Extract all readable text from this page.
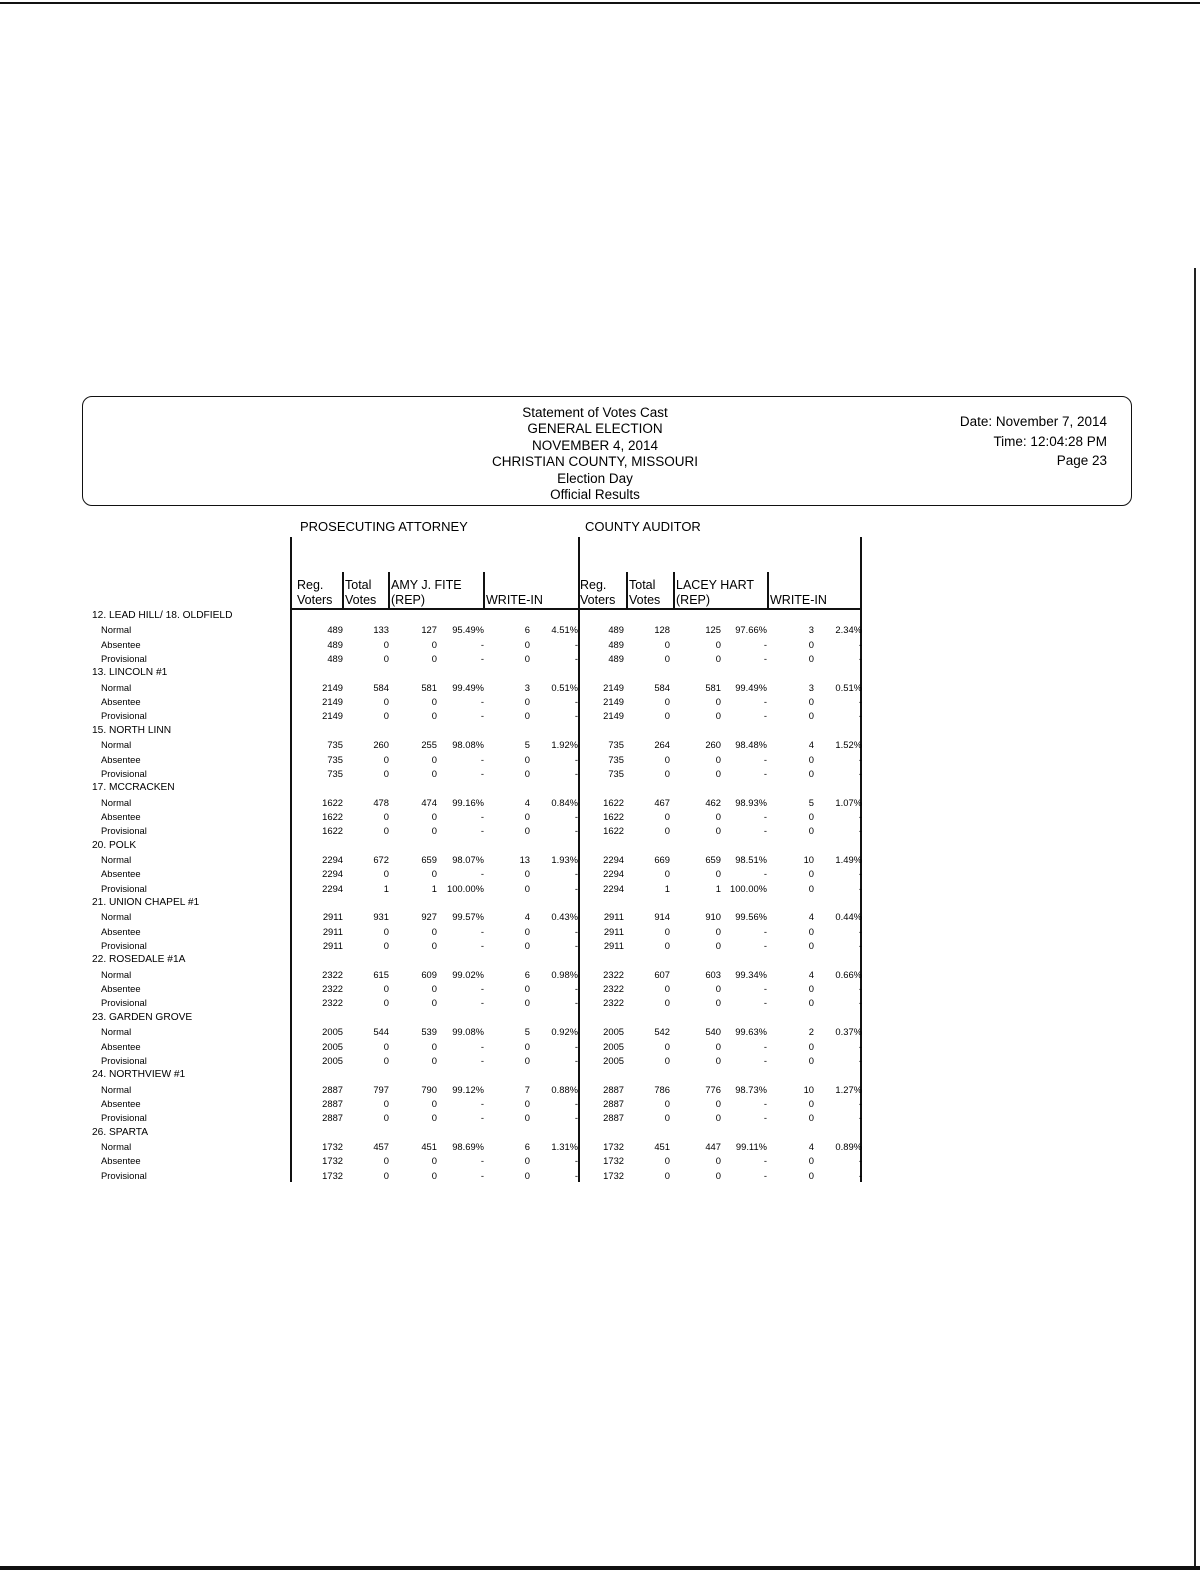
Statement of Votes Cast
GENERAL ELECTION
NOVEMBER 4, 2014
CHRISTIAN COUNTY, MISSOURI
Election Day
Official Results
Date: November 7, 2014
Time: 12:04:28 PM
Page 23
PROSECUTING ATTORNEY	COUNTY AUDITOR
Reg.
Voters
Total
Votes
AMY J. FITE
(REP)	WRITE-IN
Reg.
Voters
Total
Votes
LACEY HART
(REP)	WRITE-IN
12. LEAD HILL/ 18. OLDFIELD
Normal	489	133	127	95.49%	6	4.51%	489	128	125	97.66%	3	2.34%
Absentee	489	0	0	-	0	-	489	0	0	-	0	-
Provisional	489	0	0	-	0	-	489	0	0	-	0	-
13. LINCOLN #1
Normal	2149	584	581	99.49%	3	0.51%	2149	584	581	99.49%	3	0.51%
Absentee	2149	0	0	-	0	-	2149	0	0	-	0	-
Provisional	2149	0	0	-	0	-	2149	0	0	-	0	-
15. NORTH LINN
Normal	735	260	255	98.08%	5	1.92%	735	264	260	98.48%	4	1.52%
Absentee	735	0	0	-	0	-	735	0	0	-	0	-
Provisional	735	0	0	-	0	-	735	0	0	-	0	-
17. MCCRACKEN
Normal	1622	478	474	99.16%	4	0.84%	1622	467	462	98.93%	5	1.07%
Absentee	1622	0	0	-	0	-	1622	0	0	-	0	-
Provisional	1622	0	0	-	0	-	1622	0	0	-	0	-
20. POLK
Normal	2294	672	659	98.07%	13	1.93%	2294	669	659	98.51%	10	1.49%
Absentee	2294	0	0	-	0	-	2294	0	0	-	0	-
Provisional	2294	1	1	100.00%	0	-	2294	1	1 100.00%	0	-
21. UNION CHAPEL #1
Normal	2911	931	927	99.57%	4	0.43%	2911	914	910	99.56%	4	0.44%
Absentee	2911	0	0	-	0	-	2911	0	0	-	0	-
Provisional	2911	0	0	-	0	-	2911	0	0	-	0	-
22. ROSEDALE #1A
Normal	2322	615	609	99.02%	6	0.98%	2322	607	603	99.34%	4	0.66%
Absentee	2322	0	0	-	0	-	2322	0	0	-	0	-
Provisional	2322	0	0	-	0	-	2322	0	0	-	0	-
23. GARDEN GROVE
Normal	2005	544	539	99.08%	5	0.92%	2005	542	540	99.63%	2	0.37%
Absentee	2005	0	0	-	0	-	2005	0	0	-	0	-
Provisional	2005	0	0	-	0	-	2005	0	0	-	0	-
24. NORTHVIEW #1
Normal	2887	797	790	99.12%	7	0.88%	2887	786	776	98.73%	10	1.27%
Absentee	2887	0	0	-	0	-	2887	0	0	-	0	-
Provisional	2887	0	0	-	0	-	2887	0	0	-	0	-
26. SPARTA
Normal	1732	457	451	98.69%	6	1.31%	1732	451	447	99.11%	4	0.89%
Absentee	1732	0	0	-	0	-	1732	0	0	-	0	-
Provisional	1732	0	0	-	0	-	1732	0	0	-	0	-
